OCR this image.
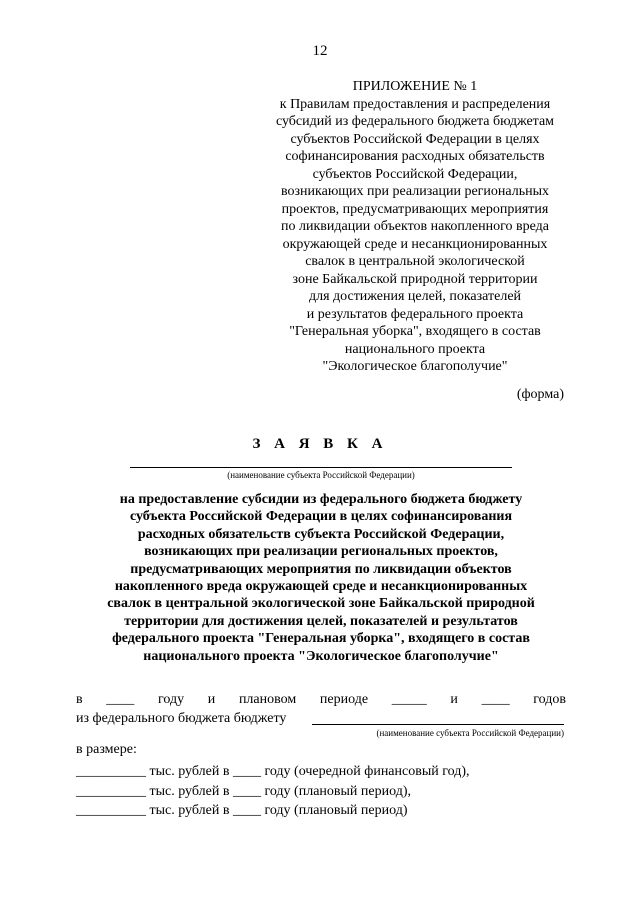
12
ПРИЛОЖЕНИЕ № 1
к Правилам предоставления и распределения
субсидий из федерального бюджета бюджетам
субъектов Российской Федерации в целях
софинансирования расходных обязательств
субъектов Российской Федерации,
возникающих при реализации региональных
проектов, предусматривающих мероприятия
по ликвидации объектов накопленного вреда
окружающей среде и несанкционированных
свалок в центральной экологической
зоне Байкальской природной территории
для достижения целей, показателей
и результатов федерального проекта
"Генеральная уборка", входящего в состав
национального проекта
"Экологическое благополучие"
(форма)
З А Я В К А
(наименование субъекта Российской Федерации)
на предоставление субсидии из федерального бюджета бюджету
субъекта Российской Федерации в целях софинансирования
расходных обязательств субъекта Российской Федерации,
возникающих при реализации региональных проектов,
предусматривающих мероприятия по ликвидации объектов
накопленного вреда окружающей среде и несанкционированных
свалок в центральной экологической зоне Байкальской природной
территории для достижения целей, показателей и результатов
федерального проекта "Генеральная уборка", входящего в состав
национального проекта "Экологическое благополучие"
в ____ году и плановом периоде _____ и ____ годов
из федерального бюджета бюджету
(наименование субъекта Российской Федерации)
в размере:
__________ тыс. рублей в ____ году (очередной финансовый год),
__________ тыс. рублей в ____ году (плановый период),
__________ тыс. рублей в ____ году (плановый период)
